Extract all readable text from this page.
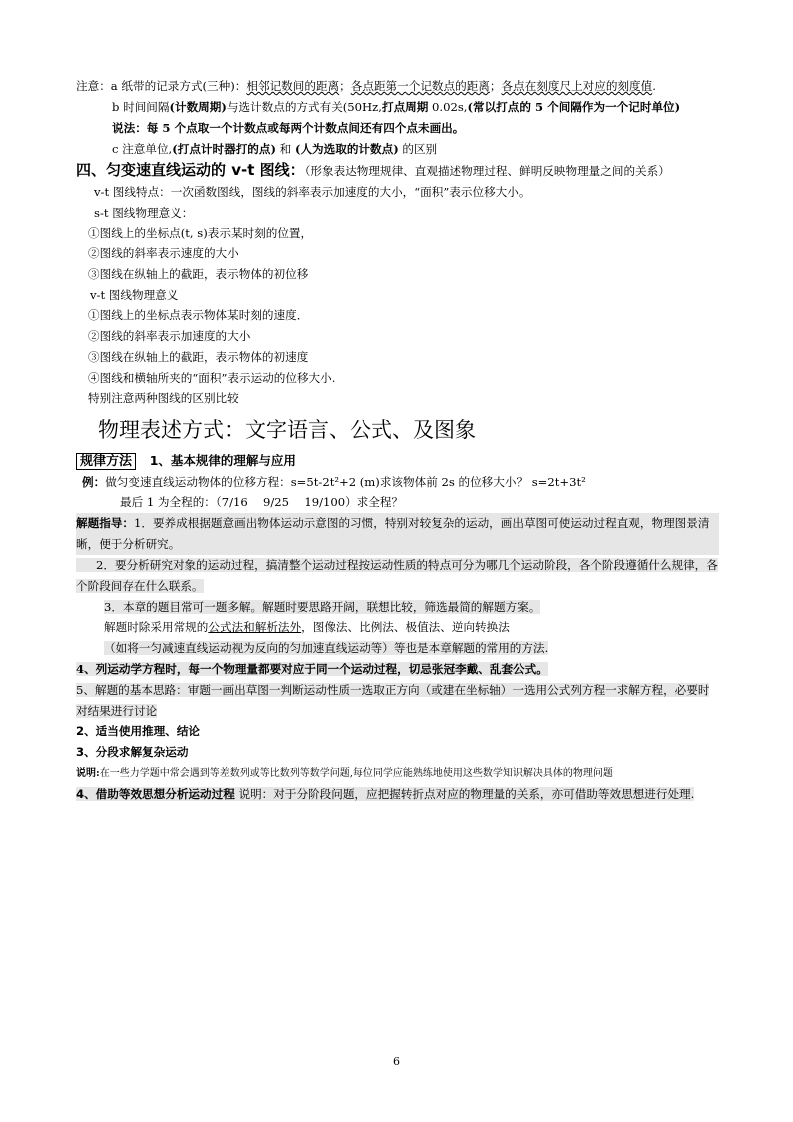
注意：a 纸带的记录方式(三种)：相邻记数间的距离；各点距第一个记数点的距离；各点在刻度尺上对应的刻度值.
b 时间间隔(计数周期)与选计数点的方式有关(50Hz,打点周期 0.02s,(常以打点的 5 个间隔作为一个记时单位)
说法：每 5 个点取一个计数点或每两个计数点间还有四个点未画出。
c 注意单位,(打点计时器打的点) 和 (人为选取的计数点) 的区别
四、匀变速直线运动的 v-t 图线：（形象表达物理规律、直观描述物理过程、鲜明反映物理量之间的关系）
v-t 图线特点：一次函数图线，图线的斜率表示加速度的大小，“面积”表示位移大小。
s-t 图线物理意义：
①图线上的坐标点(t, s)表示某时刻的位置，
②图线的斜率表示速度的大小
③图线在纵轴上的截距，表示物体的初位移
v-t 图线物理意义
①图线上的坐标点表示物体某时刻的速度．
②图线的斜率表示加速度的大小
③图线在纵轴上的截距，表示物体的初速度
④图线和横轴所夹的“面积”表示运动的位移大小.
特别注意两种图线的区别比较
物理表述方式：文字语言、公式、及图象
规律方法 1、基本规律的理解与应用
例：做匀变速直线运动物体的位移方程：s=5t-2t²+2 (m)求该物体前 2s 的位移大小？ s=2t+3t²
最后 1 为全程的：（7/16　 9/25　 19/100）求全程？
解题指导：1．要养成根据题意画出物体运动示意图的习惯，特别对较复杂的运动，画出草图可使运动过程直观，物理图景清晰，便于分析研究。
2．要分析研究对象的运动过程，搞清整个运动过程按运动性质的特点可分为哪几个运动阶段，各个阶段遵循什么规律，各个阶段间存在什么联系。
3．本章的题目常可一题多解。解题时要思路开阔，联想比较，筛选最简的解题方案。
解题时除采用常规的公式法和解析法外，图像法、比例法、极值法、逆向转换法
（如将一匀减速直线运动视为反向的匀加速直线运动等）等也是本章解题的常用的方法.
4、列运动学方程时，每一个物理量都要对应于同一个运动过程，切忌张冠李戴、乱套公式。
5、解题的基本思路：审题一画出草图一判断运动性质一选取正方向（或建在坐标轴）一选用公式列方程一求解方程，必要时对结果进行讨论
2、适当使用推理、结论
3、分段求解复杂运动
说明:在一些力学题中常会遇到等差数列或等比数列等数学问题,每位同学应能熟练地使用这些数学知识解决具体的物理问题
4、借助等效思想分析运动过程 说明：对于分阶段问题，应把握转折点对应的物理量的关系，亦可借助等效思想进行处理.
6
